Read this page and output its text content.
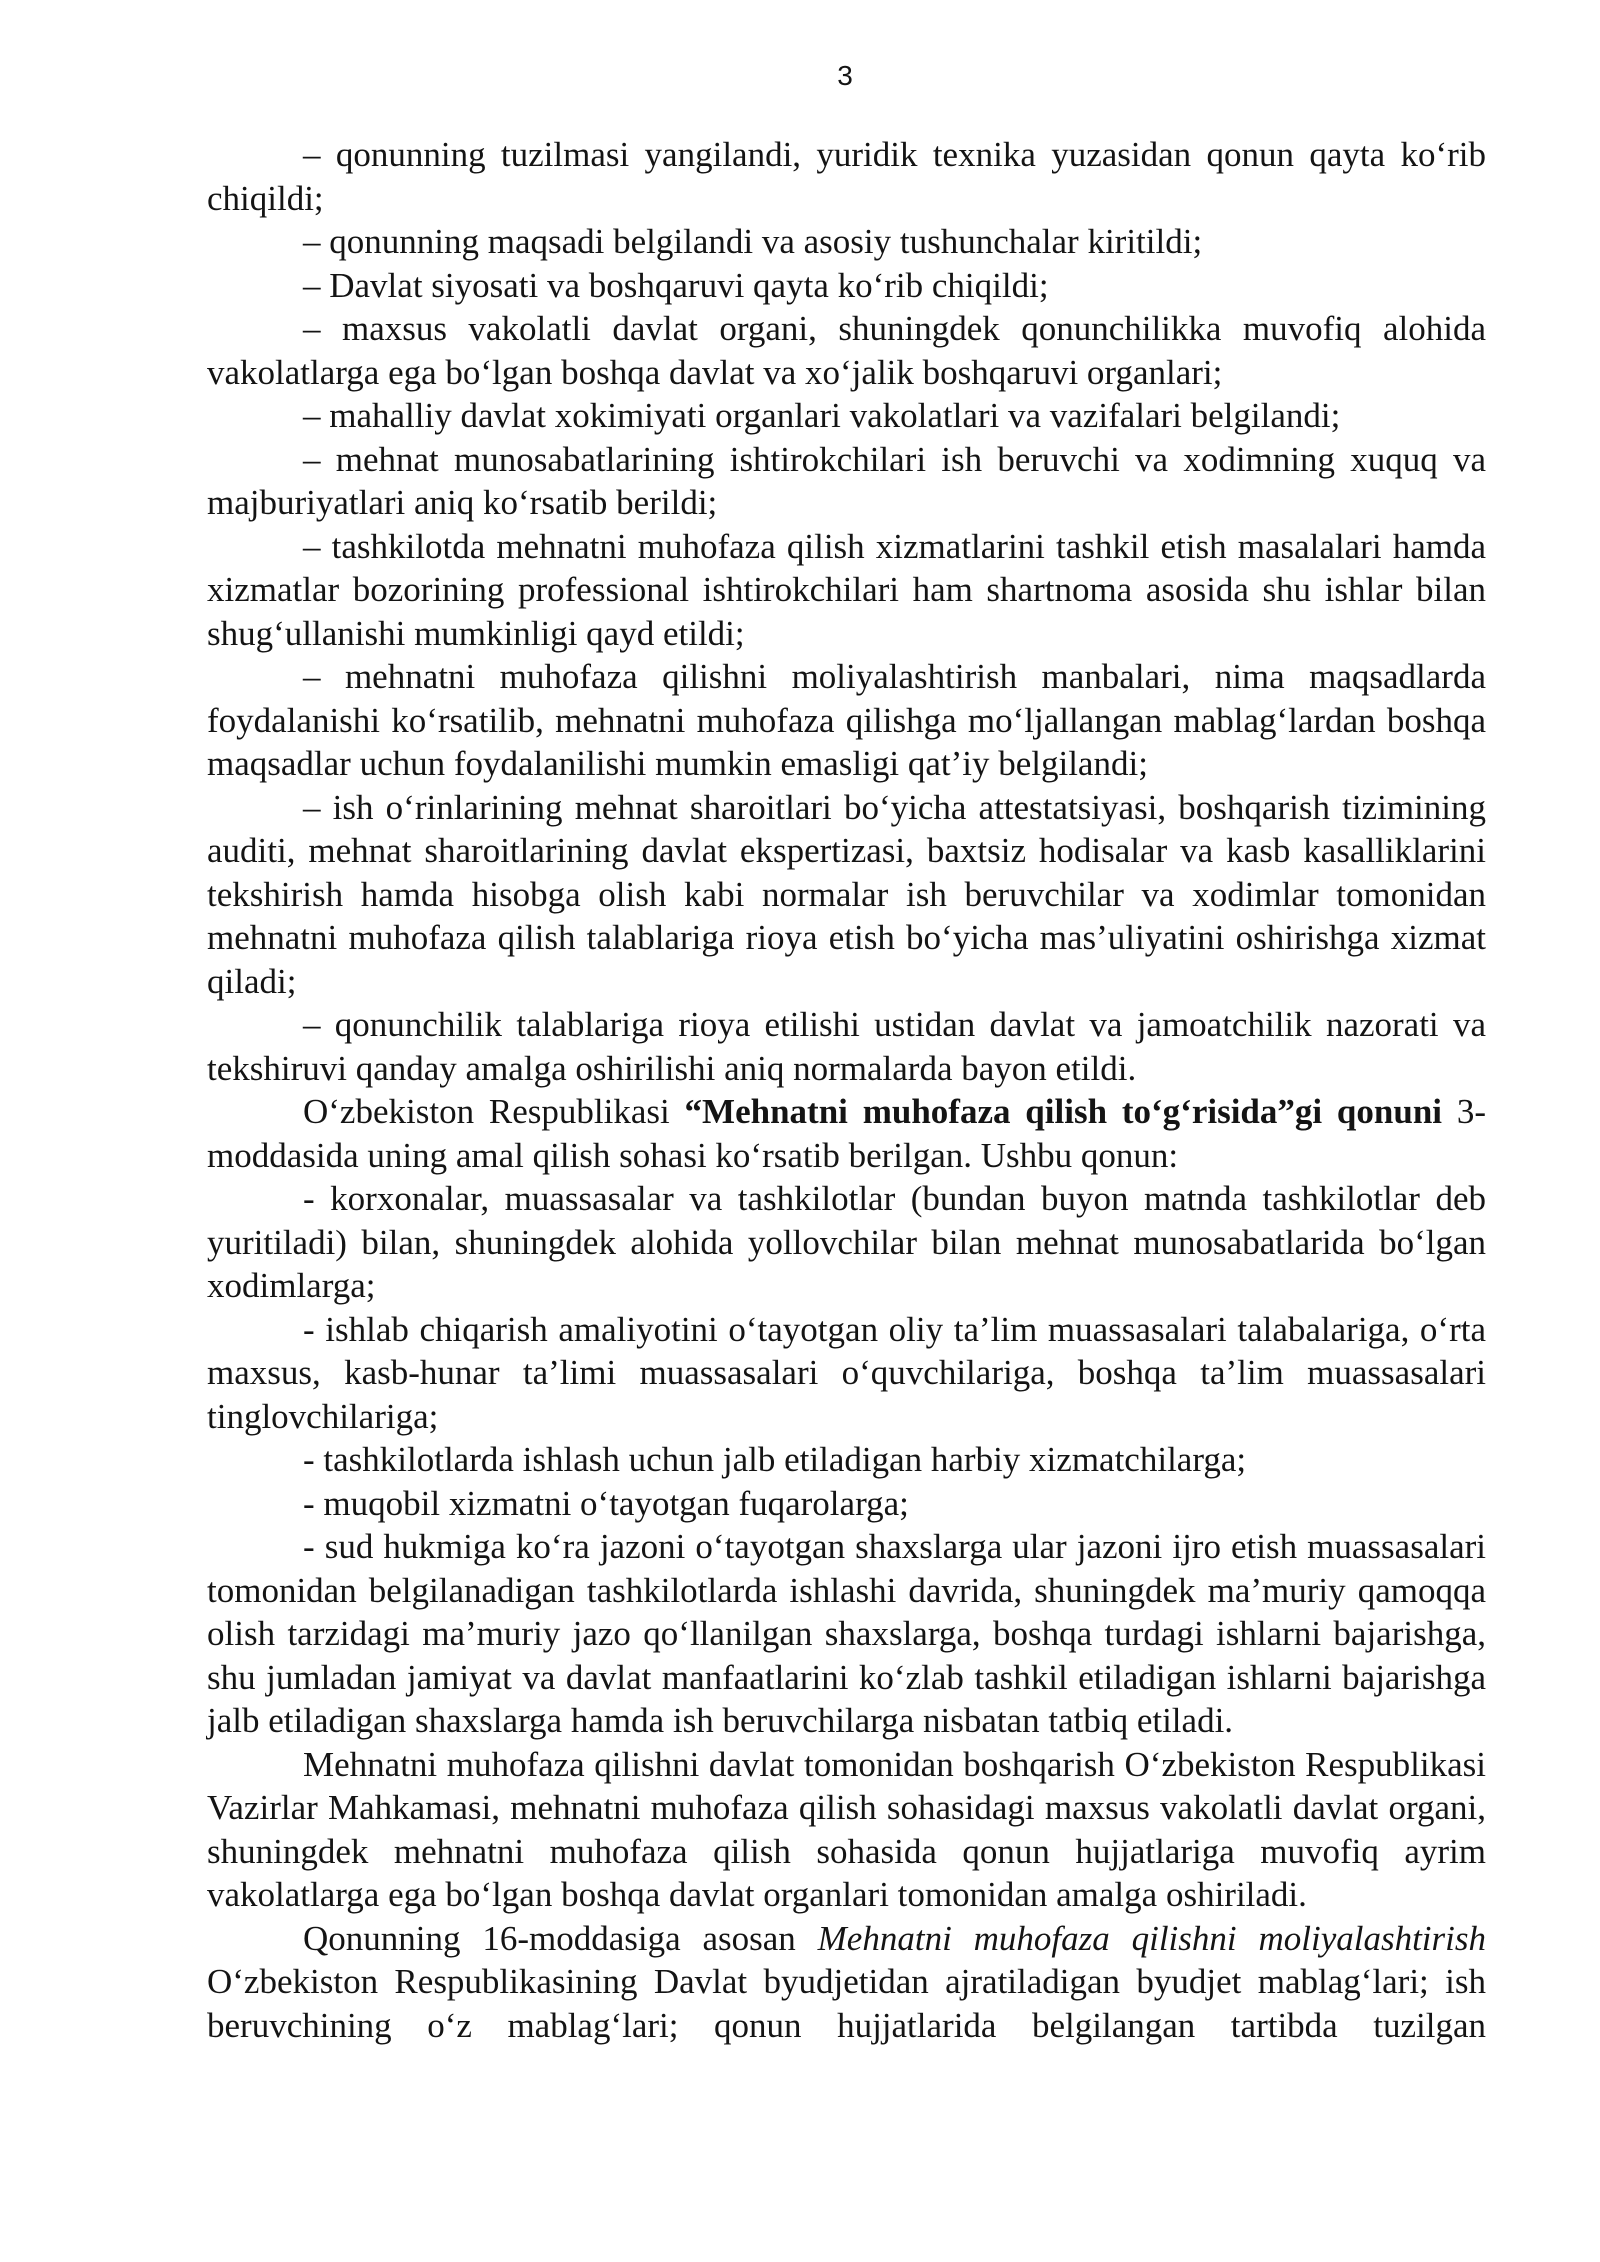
3

– qonunning tuzilmasi yangilandi, yuridik texnika yuzasidan qonun qayta ko‘rib chiqildi;

– qonunning maqsadi belgilandi va asosiy tushunchalar kiritildi;

– Davlat siyosati va boshqaruvi qayta ko‘rib chiqildi;

– maxsus vakolatli davlat organi, shuningdek qonunchilikka muvofiq alohida vakolatlarga ega bo‘lgan boshqa davlat va xo‘jalik boshqaruvi organlari;

– mahalliy davlat xokimiyati organlari vakolatlari va vazifalari belgilandi;

– mehnat munosabatlarining ishtirokchilari ish beruvchi va xodimning xuquq va majburiyatlari aniq ko‘rsatib berildi;

– tashkilotda mehnatni muhofaza qilish xizmatlarini tashkil etish masalalari hamda xizmatlar bozorining professional ishtirokchilari ham shartnoma asosida shu ishlar bilan shug‘ullanishi mumkinligi qayd etildi;

– mehnatni muhofaza qilishni moliyalashtirish manbalari, nima maqsadlarda foydalanishi ko‘rsatilib, mehnatni muhofaza qilishga mo‘ljallangan mablag‘lardan boshqa maqsadlar uchun foydalanilishi mumkin emasligi qat’iy belgilandi;

– ish o‘rinlarining mehnat sharoitlari bo‘yicha attestatsiyasi, boshqarish tizimining auditi, mehnat sharoitlarining davlat ekspertizasi, baxtsiz hodisalar va kasb kasalliklarini tekshirish hamda hisobga olish kabi normalar ish beruvchilar va xodimlar tomonidan mehnatni muhofaza qilish talablariga rioya etish bo‘yicha mas’uliyatini oshirishga xizmat qiladi;

– qonunchilik talablariga rioya etilishi ustidan davlat va jamoatchilik nazorati va tekshiruvi qanday amalga oshirilishi aniq normalarda bayon etildi.

O‘zbekiston Respublikasi “Mehnatni muhofaza qilish to‘g‘risida”gi qonuni 3-moddasida uning amal qilish sohasi ko‘rsatib berilgan. Ushbu qonun:

- korxonalar, muassasalar va tashkilotlar (bundan buyon matnda tashkilotlar deb yuritiladi) bilan, shuningdek alohida yollovchilar bilan mehnat munosabatlarida bo‘lgan xodimlarga;

- ishlab chiqarish amaliyotini o‘tayotgan oliy ta’lim muassasalari talabalariga, o‘rta maxsus, kasb-hunar ta’limi muassasalari o‘quvchilariga, boshqa ta’lim muassasalari tinglovchilariga;

- tashkilotlarda ishlash uchun jalb etiladigan harbiy xizmatchilarga;

- muqobil xizmatni o‘tayotgan fuqarolarga;

- sud hukmiga ko‘ra jazoni o‘tayotgan shaxslarga ular jazoni ijro etish muassasalari tomonidan belgilanadigan tashkilotlarda ishlashi davrida, shuningdek ma’muriy qamoqqa olish tarzidagi ma’muriy jazo qo‘llanilgan shaxslarga, boshqa turdagi ishlarni bajarishga, shu jumladan jamiyat va davlat manfaatlarini ko‘zlab tashkil etiladigan ishlarni bajarishga jalb etiladigan shaxslarga hamda ish beruvchilarga nisbatan tatbiq etiladi.

Mehnatni muhofaza qilishni davlat tomonidan boshqarish O‘zbekiston Respublikasi Vazirlar Mahkamasi, mehnatni muhofaza qilish sohasidagi maxsus vakolatli davlat organi, shuningdek mehnatni muhofaza qilish sohasida qonun hujjatlariga muvofiq ayrim vakolatlarga ega bo‘lgan boshqa davlat organlari tomonidan amalga oshiriladi.

Qonunning 16-moddasiga asosan Mehnatni muhofaza qilishni moliyalashtirish O‘zbekiston Respublikasining Davlat byudjetidan ajratiladigan byudjet mablag‘lari; ish beruvchining o‘z mablag‘lari; qonun hujjatlarida belgilangan tartibda tuzilgan
